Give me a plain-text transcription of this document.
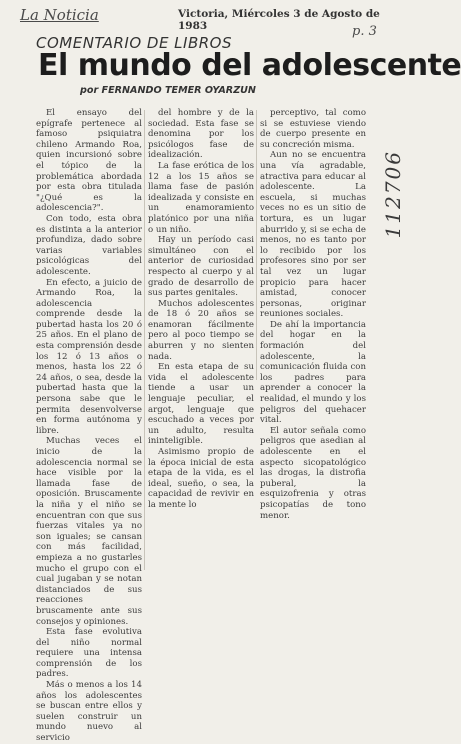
La Noticia
p. 3
112706
Victoria, Miércoles 3 de Agosto de 1983
COMENTARIO DE LIBROS
El mundo del adolescente
por FERNANDO TEMER OYARZUN

El ensayo del epígrafe pertenece al famoso psiquiatra chileno Armando Roa, quien incursionó sobre el tópico de la problemática abordada por esta obra titulada "¿Qué es la adolescencia?".

Con todo, esta obra es distinta a la anterior profundiza, dado sobre varias variables psicológicas del adolescente.

En efecto, a juicio de Armando Roa, la adolescencia comprende desde la pubertad hasta los 20 ó 25 años. En el plano de esta comprensión desde los 12 ó 13 años o menos, hasta los 22 ó 24 años, o sea, desde la pubertad hasta que la persona sabe que le permita desenvolverse en forma autónoma y libre.

Muchas veces el inicio de la adolescencia normal se hace visible por la llamada fase de oposición. Bruscamente la niña y el niño se encuentran con que sus fuerzas vitales ya no son iguales; se cansan con más facilidad, empieza a no gustarles mucho el grupo con el cual jugaban y se notan distanciados de sus reacciones bruscamente ante sus consejos y opiniones.

Esta fase evolutiva del niño normal requiere una intensa comprensión de los padres.

Más o menos a los 14 años los adolescentes se buscan entre ellos y suelen construir un mundo nuevo al servicio

del hombre y de la sociedad. Esta fase se denomina por los psicólogos fase de idealización.

La fase erótica de los 12 a los 15 años se llama fase de pasión idealizada y consiste en un enamoramiento platónico por una niña o un niño.

Hay un período casi simultáneo con el anterior de curiosidad respecto al cuerpo y al grado de desarrollo de sus partes genitales.

Muchos adolescentes de 18 ó 20 años se enamoran fácilmente pero al poco tiempo se aburren y no sienten nada.

En esta etapa de su vida el adolescente tiende a usar un lenguaje peculiar, el argot, lenguaje que escuchado a veces por un adulto, resulta ininteligible.

Asimismo propio de la época inicial de esta etapa de la vida, es el ideal, sueño, o sea, la capacidad de revivir en la mente lo

perceptivo, tal como si se estuviese viendo de cuerpo presente en su concreción misma.

Aun no se encuentra una vía agradable, atractiva para educar al adolescente. La escuela, si muchas veces no es un sitio de tortura, es un lugar aburrido y, si se echa de menos, no es tanto por lo recibido por los profesores sino por ser tal vez un lugar propicio para hacer amistad, conocer personas, originar reuniones sociales.

De ahí la importancia del hogar en la formación del adolescente, la comunicación fluida con los padres para aprender a conocer la realidad, el mundo y los peligros del quehacer vital.

El autor señala como peligros que asedian al adolescente en el aspecto sicopatológico las drogas, la distrofia puberal, la esquizofrenia y otras psicopatías de tono menor.
